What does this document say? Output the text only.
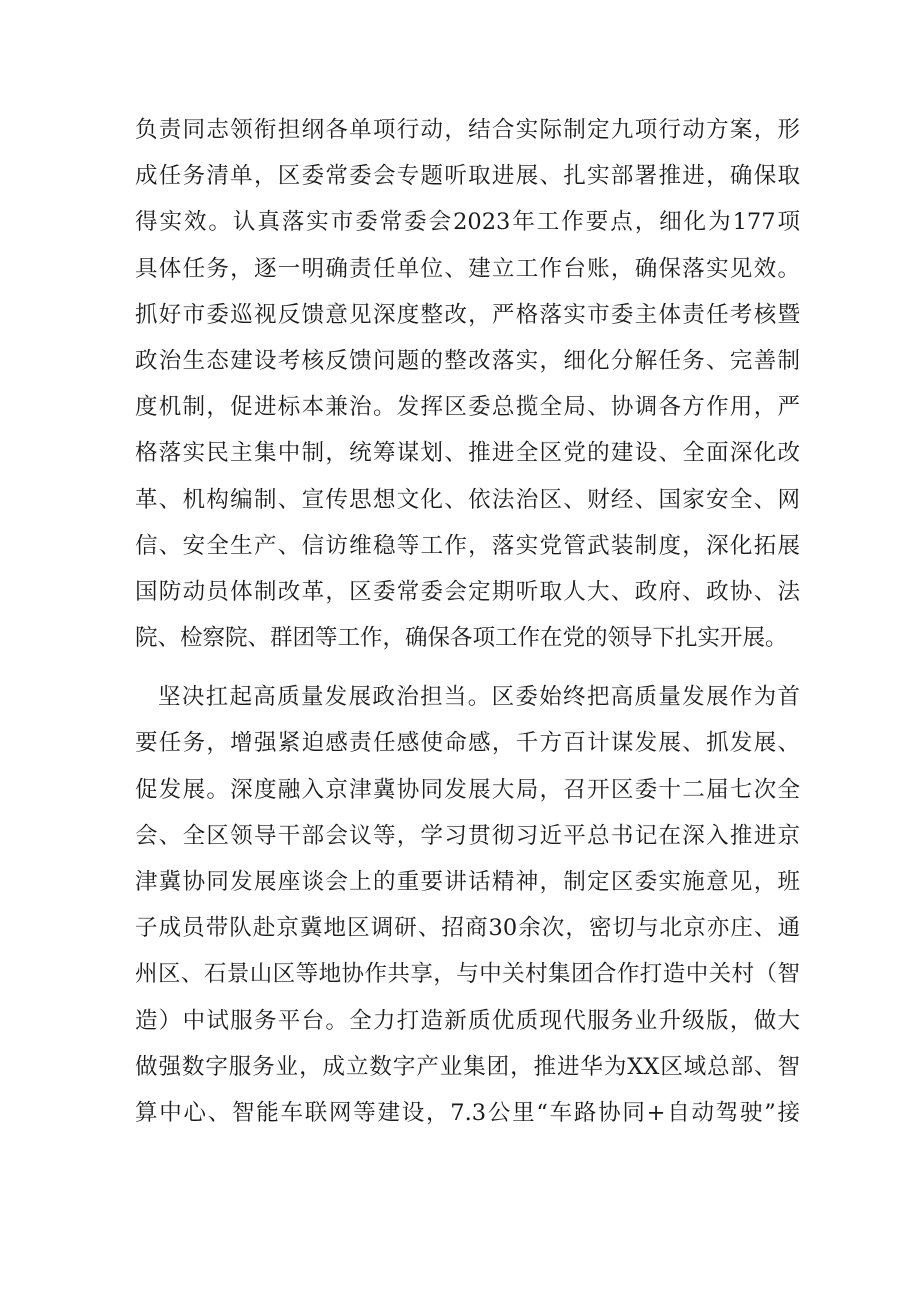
负责同志领衔担纲各单项行动，结合实际制定九项行动方案，形
成任务清单，区委常委会专题听取进展、扎实部署推进，确保取
得实效。认真落实市委常委会2023年工作要点，细化为177项
具体任务，逐一明确责任单位、建立工作台账，确保落实见效。
抓好市委巡视反馈意见深度整改，严格落实市委主体责任考核暨
政治生态建设考核反馈问题的整改落实，细化分解任务、完善制
度机制，促进标本兼治。发挥区委总揽全局、协调各方作用，严
格落实民主集中制，统筹谋划、推进全区党的建设、全面深化改
革、机构编制、宣传思想文化、依法治区、财经、国家安全、网
信、安全生产、信访维稳等工作，落实党管武装制度，深化拓展
国防动员体制改革，区委常委会定期听取人大、政府、政协、法
院、检察院、群团等工作，确保各项工作在党的领导下扎实开展。
坚决扛起高质量发展政治担当。区委始终把高质量发展作为首
要任务，增强紧迫感责任感使命感，千方百计谋发展、抓发展、
促发展。深度融入京津冀协同发展大局，召开区委十二届七次全
会、全区领导干部会议等，学习贯彻习近平总书记在深入推进京
津冀协同发展座谈会上的重要讲话精神，制定区委实施意见，班
子成员带队赴京冀地区调研、招商30余次，密切与北京亦庄、通
州区、石景山区等地协作共享，与中关村集团合作打造中关村（智
造）中试服务平台。全力打造新质优质现代服务业升级版，做大
做强数字服务业，成立数字产业集团，推进华为XX区域总部、智
算中心、智能车联网等建设，7.3公里“车路协同+自动驾驶”接
